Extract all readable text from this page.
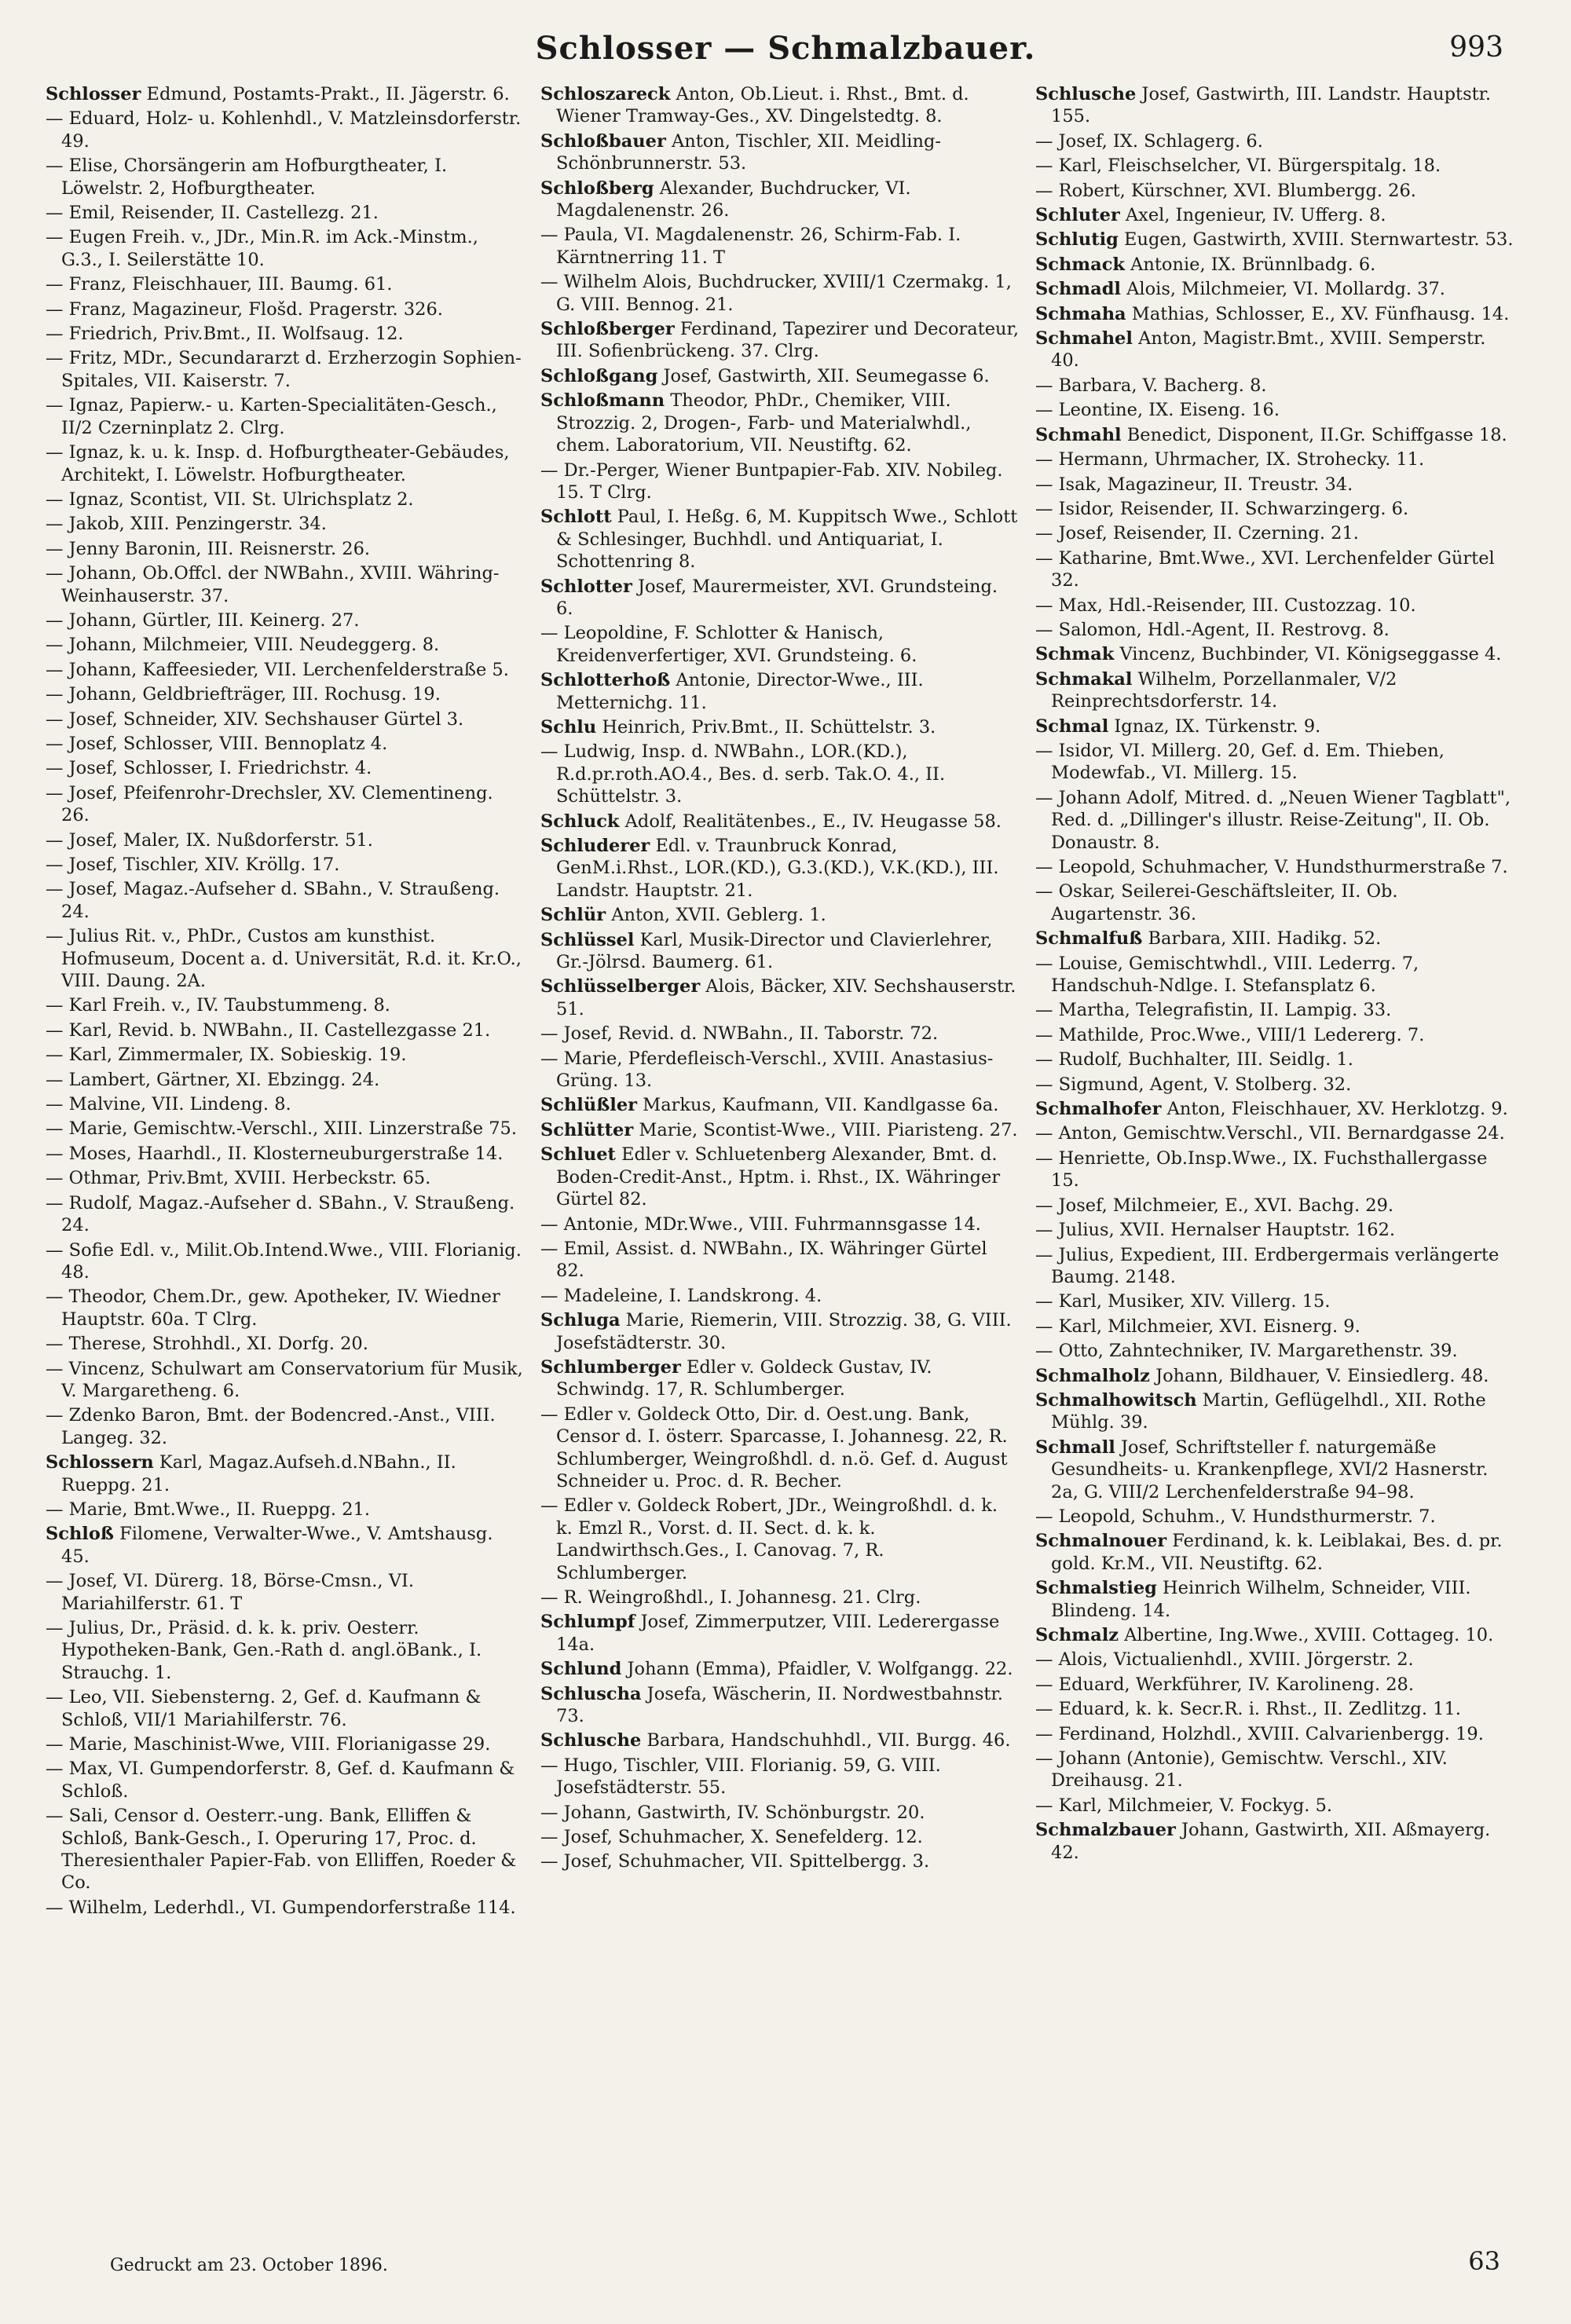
Schlosser — Schmalzbauer.	993

Schlosser Edmund, Postamts-Prakt., II. Jägerstr. 6.

— Eduard, Holz- u. Kohlenhdl., V. Matzleinsdorferstr. 49.

— Elise, Chorsängerin am Hofburgtheater, I. Löwelstr. 2, Hofburgtheater.

— Emil, Reisender, II. Castellezg. 21.

— Eugen Freih. v., JDr., Min.R. im Ack.-Minstm., G.3., I. Seilerstätte 10.

— Franz, Fleischhauer, III. Baumg. 61.

— Franz, Magazineur, Flošd. Pragerstr. 326.

— Friedrich, Priv.Bmt., II. Wolfsaug. 12.

— Fritz, MDr., Secundararzt d. Erzherzogin Sophien-Spitales, VII. Kaiserstr. 7.

— Ignaz, Papierw.- u. Karten-Specialitäten-Gesch., II/2 Czerninplatz 2. Clrg.

— Ignaz, k. u. k. Insp. d. Hofburgtheater-Gebäudes, Architekt, I. Löwelstr. Hofburgtheater.

— Ignaz, Scontist, VII. St. Ulrichsplatz 2.

— Jakob, XIII. Penzingerstr. 34.

— Jenny Baronin, III. Reisnerstr. 26.

— Johann, Ob.Offcl. der NWBahn., XVIII. Währing-Weinhauserstr. 37.

— Johann, Gürtler, III. Keinerg. 27.

— Johann, Milchmeier, VIII. Neudeggerg. 8.

— Johann, Kaffeesieder, VII. Lerchenfelderstraße 5.

— Johann, Geldbriefträger, III. Rochusg. 19.

— Josef, Schneider, XIV. Sechshauser Gürtel 3.

— Josef, Schlosser, VIII. Bennoplatz 4.

— Josef, Schlosser, I. Friedrichstr. 4.

— Josef, Pfeifenrohr-Drechsler, XV. Clementineng. 26.

— Josef, Maler, IX. Nußdorferstr. 51.

— Josef, Tischler, XIV. Kröllg. 17.

— Josef, Magaz.-Aufseher d. SBahn., V. Straußeng. 24.

— Julius Rit. v., PhDr., Custos am kunsthist. Hofmuseum, Docent a. d. Universität, R.d. it. Kr.O., VIII. Daung. 2A.

— Karl Freih. v., IV. Taubstummeng. 8.

— Karl, Revid. b. NWBahn., II. Castellezgasse 21.

— Karl, Zimmermaler, IX. Sobieskig. 19.

— Lambert, Gärtner, XI. Ebzingg. 24.

— Malvine, VII. Lindeng. 8.

— Marie, Gemischtw.-Verschl., XIII. Linzerstraße 75.

— Moses, Haarhdl., II. Klosterneuburgerstraße 14.

— Othmar, Priv.Bmt, XVIII. Herbeckstr. 65.

— Rudolf, Magaz.-Aufseher d. SBahn., V. Straußeng. 24.

— Sofie Edl. v., Milit.Ob.Intend.Wwe., VIII. Florianig. 48.

— Theodor, Chem.Dr., gew. Apotheker, IV. Wiedner Hauptstr. 60a. T Clrg.

— Therese, Strohhdl., XI. Dorfg. 20.

— Vincenz, Schulwart am Conservatorium für Musik, V. Margaretheng. 6.

— Zdenko Baron, Bmt. der Bodencred.-Anst., VIII. Langeg. 32.

Schlossern Karl, Magaz.Aufseh.d.NBahn., II. Rueppg. 21.

— Marie, Bmt.Wwe., II. Rueppg. 21.

Schloß Filomene, Verwalter-Wwe., V. Amtshausg. 45.

— Josef, VI. Dürerg. 18, Börse-Cmsn., VI. Mariahilferstr. 61. T

— Julius, Dr., Präsid. d. k. k. priv. Oesterr. Hypotheken-Bank, Gen.-Rath d. angl.öBank., I. Strauchg. 1.

— Leo, VII. Siebensterng. 2, Gef. d. Kaufmann & Schloß, VII/1 Mariahilferstr. 76.

— Marie, Maschinist-Wwe, VIII. Florianigasse 29.

— Max, VI. Gumpendorferstr. 8, Gef. d. Kaufmann & Schloß.

— Sali, Censor d. Oesterr.-ung. Bank, Elliffen & Schloß, Bank-Gesch., I. Operuring 17, Proc. d. Theresienthaler Papier-Fab. von Elliffen, Roeder & Co.

— Wilhelm, Lederhdl., VI. Gumpendorferstraße 114.

Schloszareck Anton, Ob.Lieut. i. Rhst., Bmt. d. Wiener Tramway-Ges., XV. Dingelstedtg. 8.

Schloßbauer Anton, Tischler, XII. Meidling-Schönbrunnerstr. 53.

Schloßberg Alexander, Buchdrucker, VI. Magdalenenstr. 26.

— Paula, VI. Magdalenenstr. 26, Schirm-Fab. I. Kärntnerring 11. T

— Wilhelm Alois, Buchdrucker, XVIII/1 Czermakg. 1, G. VIII. Bennog. 21.

Schloßberger Ferdinand, Tapezirer und Decorateur, III. Sofienbrückeng. 37. Clrg.

Schloßgang Josef, Gastwirth, XII. Seumegasse 6.

Schloßmann Theodor, PhDr., Chemiker, VIII. Strozzig. 2, Drogen-, Farb- und Materialwhdl., chem. Laboratorium, VII. Neustiftg. 62.

— Dr.-Perger, Wiener Buntpapier-Fab. XIV. Nobileg. 15. T Clrg.

Schlott Paul, I. Heßg. 6, M. Kuppitsch Wwe., Schlott & Schlesinger, Buchhdl. und Antiquariat, I. Schottenring 8.

Schlotter Josef, Maurermeister, XVI. Grundsteing. 6.

— Leopoldine, F. Schlotter & Hanisch, Kreidenverfertiger, XVI. Grundsteing. 6.

Schlotterhoß Antonie, Director-Wwe., III. Metternichg. 11.

Schlu Heinrich, Priv.Bmt., II. Schüttelstr. 3.

— Ludwig, Insp. d. NWBahn., LOR.(KD.), R.d.pr.roth.AO.4., Bes. d. serb. Tak.O. 4., II. Schüttelstr. 3.

Schluck Adolf, Realitätenbes., E., IV. Heugasse 58.

Schluderer Edl. v. Traunbruck Konrad, GenM.i.Rhst., LOR.(KD.), G.3.(KD.), V.K.(KD.), III. Landstr. Hauptstr. 21.

Schlür Anton, XVII. Geblerg. 1.

Schlüssel Karl, Musik-Director und Clavierlehrer, Gr.-Jölrsd. Baumerg. 61.

Schlüsselberger Alois, Bäcker, XIV. Sechshauserstr. 51.

— Josef, Revid. d. NWBahn., II. Taborstr. 72.

— Marie, Pferdefleisch-Verschl., XVIII. Anastasius-Grüng. 13.

Schlüßler Markus, Kaufmann, VII. Kandlgasse 6a.

Schlütter Marie, Scontist-Wwe., VIII. Piaristeng. 27.

Schluet Edler v. Schluetenberg Alexander, Bmt. d. Boden-Credit-Anst., Hptm. i. Rhst., IX. Währinger Gürtel 82.

— Antonie, MDr.Wwe., VIII. Fuhrmannsgasse 14.

— Emil, Assist. d. NWBahn., IX. Währinger Gürtel 82.

— Madeleine, I. Landskrong. 4.

Schluga Marie, Riemerin, VIII. Strozzig. 38, G. VIII. Josefstädterstr. 30.

Schlumberger Edler v. Goldeck Gustav, IV. Schwindg. 17, R. Schlumberger.

— Edler v. Goldeck Otto, Dir. d. Oest.ung. Bank, Censor d. I. österr. Sparcasse, I. Johannesg. 22, R. Schlumberger, Weingroßhdl. d. n.ö. Gef. d. August Schneider u. Proc. d. R. Becher.

— Edler v. Goldeck Robert, JDr., Weingroßhdl. d. k. k. Emzl R., Vorst. d. II. Sect. d. k. k. Landwirthsch.Ges., I. Canovag. 7, R. Schlumberger.

— R. Weingroßhdl., I. Johannesg. 21. Clrg.

Schlumpf Josef, Zimmerputzer, VIII. Lederergasse 14a.

Schlund Johann (Emma), Pfaidler, V. Wolfgangg. 22.

Schluscha Josefa, Wäscherin, II. Nordwestbahnstr. 73.

Schlusche Barbara, Handschuhhdl., VII. Burgg. 46.

— Hugo, Tischler, VIII. Florianig. 59, G. VIII. Josefstädterstr. 55.

— Johann, Gastwirth, IV. Schönburgstr. 20.

— Josef, Schuhmacher, X. Senefelderg. 12.

— Josef, Schuhmacher, VII. Spittelbergg. 3.

Schlusche Josef, Gastwirth, III. Landstr. Hauptstr. 155.

— Josef, IX. Schlagerg. 6.

— Karl, Fleischselcher, VI. Bürgerspitalg. 18.

— Robert, Kürschner, XVI. Blumbergg. 26.

Schluter Axel, Ingenieur, IV. Ufferg. 8.

Schlutig Eugen, Gastwirth, XVIII. Sternwartestr. 53.

Schmack Antonie, IX. Brünnlbadg. 6.

Schmadl Alois, Milchmeier, VI. Mollardg. 37.

Schmaha Mathias, Schlosser, E., XV. Fünfhausg. 14.

Schmahel Anton, Magistr.Bmt., XVIII. Semperstr. 40.

— Barbara, V. Bacherg. 8.

— Leontine, IX. Eiseng. 16.

Schmahl Benedict, Disponent, II.Gr. Schiffgasse 18.

— Hermann, Uhrmacher, IX. Strohecky. 11.

— Isak, Magazineur, II. Treustr. 34.

— Isidor, Reisender, II. Schwarzingerg. 6.

— Josef, Reisender, II. Czerning. 21.

— Katharine, Bmt.Wwe., XVI. Lerchenfelder Gürtel 32.

— Max, Hdl.-Reisender, III. Custozzag. 10.

— Salomon, Hdl.-Agent, II. Restrovg. 8.

Schmak Vincenz, Buchbinder, VI. Königseggasse 4.

Schmakal Wilhelm, Porzellanmaler, V/2 Reinprechtsdorferstr. 14.

Schmal Ignaz, IX. Türkenstr. 9.

— Isidor, VI. Millerg. 20, Gef. d. Em. Thieben, Modewfab., VI. Millerg. 15.

— Johann Adolf, Mitred. d. „Neuen Wiener Tagblatt", Red. d. „Dillinger's illustr. Reise-Zeitung", II. Ob. Donaustr. 8.

— Leopold, Schuhmacher, V. Hundsthurmerstraße 7.

— Oskar, Seilerei-Geschäftsleiter, II. Ob. Augartenstr. 36.

Schmalfuß Barbara, XIII. Hadikg. 52.

— Louise, Gemischtwhdl., VIII. Lederrg. 7, Handschuh-Ndlge. I. Stefansplatz 6.

— Martha, Telegrafistin, II. Lampig. 33.

— Mathilde, Proc.Wwe., VIII/1 Ledererg. 7.

— Rudolf, Buchhalter, III. Seidlg. 1.

— Sigmund, Agent, V. Stolberg. 32.

Schmalhofer Anton, Fleischhauer, XV. Herklotzg. 9.

— Anton, Gemischtw.Verschl., VII. Bernardgasse 24.

— Henriette, Ob.Insp.Wwe., IX. Fuchsthallergasse 15.

— Josef, Milchmeier, E., XVI. Bachg. 29.

— Julius, XVII. Hernalser Hauptstr. 162.

— Julius, Expedient, III. Erdbergermais verlängerte Baumg. 2148.

— Karl, Musiker, XIV. Villerg. 15.

— Karl, Milchmeier, XVI. Eisnerg. 9.

— Otto, Zahntechniker, IV. Margarethenstr. 39.

Schmalholz Johann, Bildhauer, V. Einsiedlerg. 48.

Schmalhowitsch Martin, Geflügelhdl., XII. Rothe Mühlg. 39.

Schmall Josef, Schriftsteller f. naturgemäße Gesundheits- u. Krankenpflege, XVI/2 Hasnerstr. 2a, G. VIII/2 Lerchenfelderstraße 94–98.

— Leopold, Schuhm., V. Hundsthurmerstr. 7.

Schmalnouer Ferdinand, k. k. Leiblakai, Bes. d. pr. gold. Kr.M., VII. Neustiftg. 62.

Schmalstieg Heinrich Wilhelm, Schneider, VIII. Blindeng. 14.

Schmalz Albertine, Ing.Wwe., XVIII. Cottageg. 10.

— Alois, Victualienhdl., XVIII. Jörgerstr. 2.

— Eduard, Werkführer, IV. Karolineng. 28.

— Eduard, k. k. Secr.R. i. Rhst., II. Zedlitzg. 11.

— Ferdinand, Holzhdl., XVIII. Calvarienbergg. 19.

— Johann (Antonie), Gemischtw. Verschl., XIV. Dreihausg. 21.

— Karl, Milchmeier, V. Fockyg. 5.

Schmalzbauer Johann, Gastwirth, XII. Aßmayerg. 42.

Gedruckt am 23. October 1896.	63
